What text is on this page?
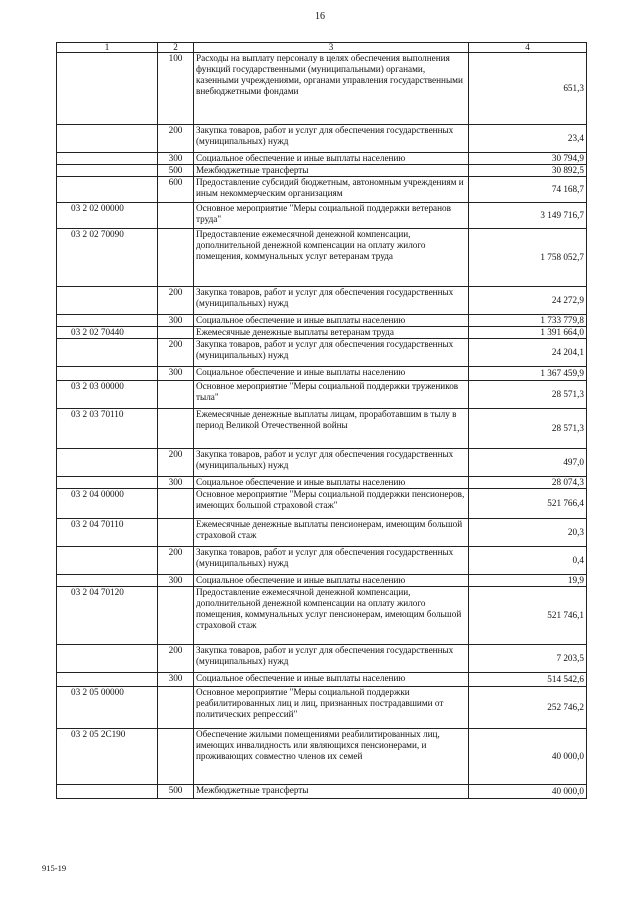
16
1	2	3	4
	100	Расходы на выплату персоналу в целях обеспечения выполнения функций государственными (муниципальными) органами, казенными учреждениями, органами управления государственными внебюджетными фондами	651,3
	200	Закупка товаров, работ и услуг для обеспечения государственных (муниципальных) нужд	23,4
	300	Социальное обеспечение и иные выплаты населению	30 794,9
	500	Межбюджетные трансферты	30 892,5
	600	Предоставление субсидий бюджетным, автономным учреждениям и иным некоммерческим организациям	74 168,7
03 2 02 00000		Основное мероприятие "Меры социальной поддержки ветеранов труда"	3 149 716,7
03 2 02 70090		Предоставление ежемесячной денежной компенсации, дополнительной денежной компенсации на оплату жилого помещения, коммунальных услуг ветеранам труда	1 758 052,7
	200	Закупка товаров, работ и услуг для обеспечения государственных (муниципальных) нужд	24 272,9
	300	Социальное обеспечение и иные выплаты населению	1 733 779,8
03 2 02 70440		Ежемесячные денежные выплаты ветеранам труда	1 391 664,0
	200	Закупка товаров, работ и услуг для обеспечения государственных (муниципальных) нужд	24 204,1
	300	Социальное обеспечение и иные выплаты населению	1 367 459,9
03 2 03 00000		Основное мероприятие "Меры социальной поддержки тружеников тыла"	28 571,3
03 2 03 70110		Ежемесячные денежные выплаты лицам, проработавшим в тылу в период Великой Отечественной войны	28 571,3
	200	Закупка товаров, работ и услуг для обеспечения государственных (муниципальных) нужд	497,0
	300	Социальное обеспечение и иные выплаты населению	28 074,3
03 2 04 00000		Основное мероприятие "Меры социальной поддержки пенсионеров, имеющих большой страховой стаж"	521 766,4
03 2 04 70110		Ежемесячные денежные выплаты пенсионерам, имеющим большой страховой стаж	20,3
	200	Закупка товаров, работ и услуг для обеспечения государственных (муниципальных) нужд	0,4
	300	Социальное обеспечение и иные выплаты населению	19,9
03 2 04 70120		Предоставление ежемесячной денежной компенсации, дополнительной денежной компенсации на оплату жилого помещения, коммунальных услуг пенсионерам, имеющим большой страховой стаж	521 746,1
	200	Закупка товаров, работ и услуг для обеспечения государственных (муниципальных) нужд	7 203,5
	300	Социальное обеспечение и иные выплаты населению	514 542,6
03 2 05 00000		Основное мероприятие "Меры социальной поддержки реабилитированных лиц и лиц, признанных пострадавшими от политических репрессий"	252 746,2
03 2 05 2С190		Обеспечение жилыми помещениями реабилитированных лиц, имеющих инвалидность или являющихся пенсионерами, и проживающих совместно членов их семей	40 000,0
	500	Межбюджетные трансферты	40 000,0
915-19
